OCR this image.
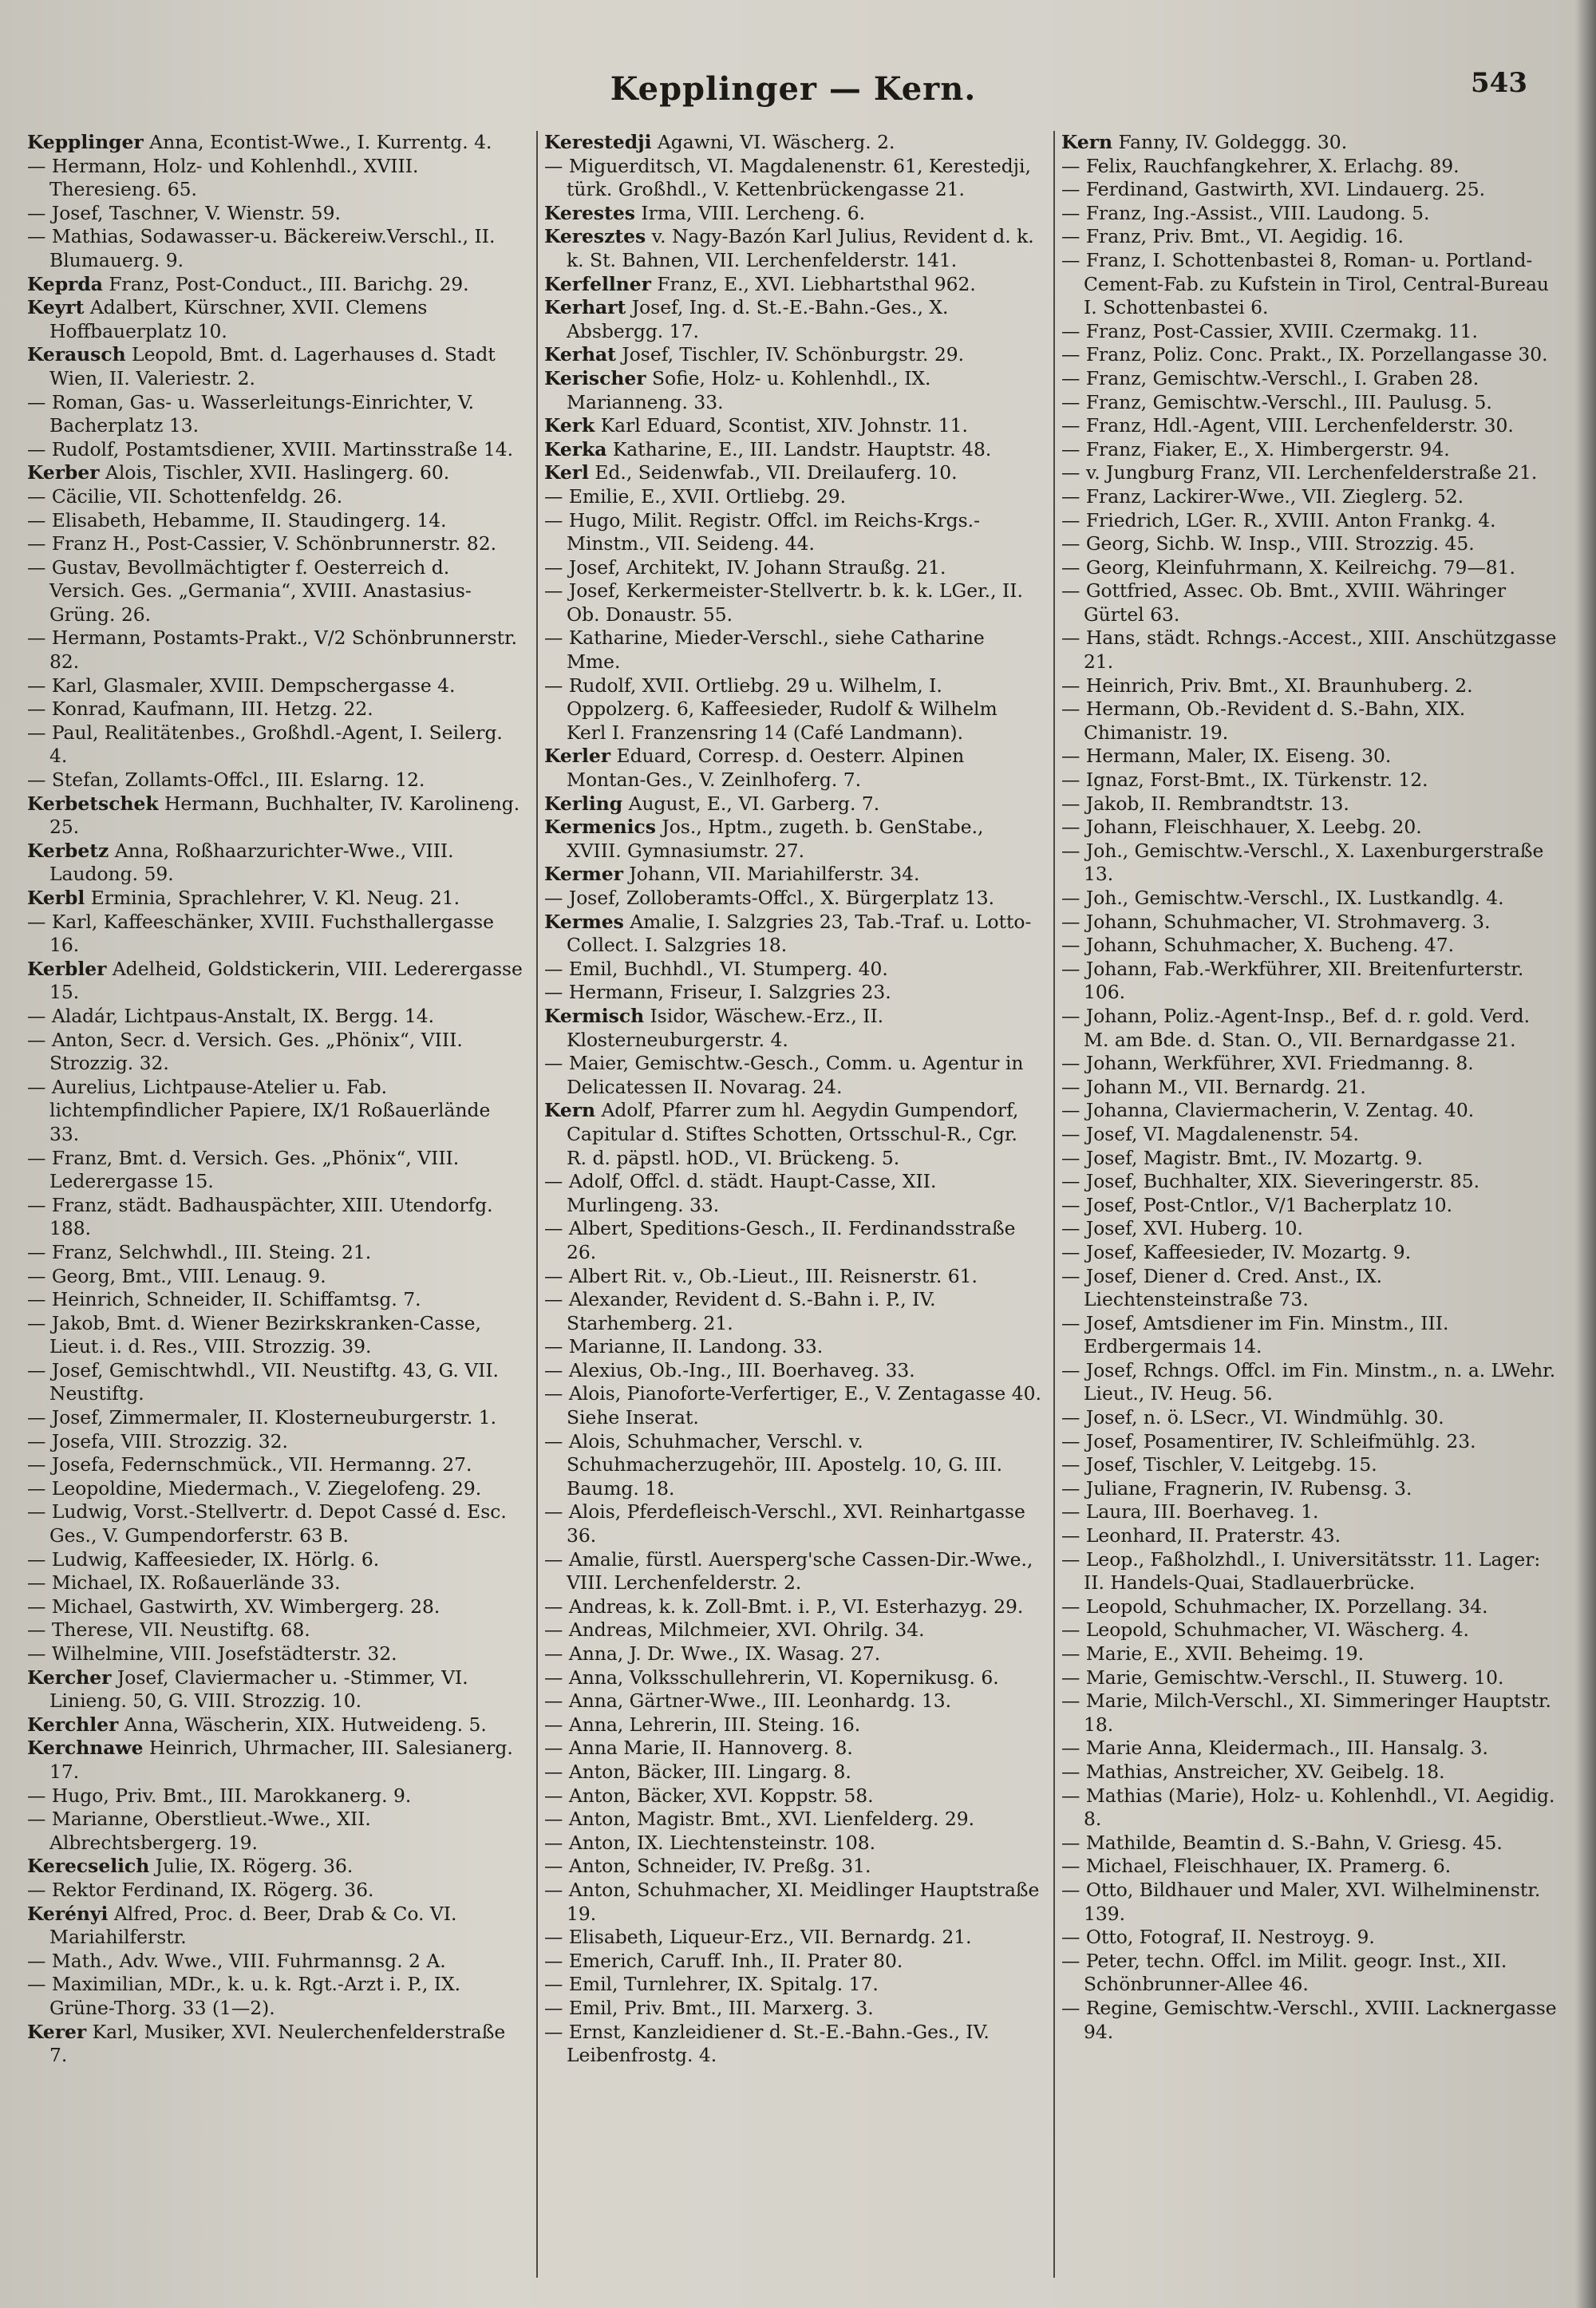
Kepplinger — Kern.	543
Kepplinger Anna, Econtist-Wwe., I. Kurrentg. 4.
— Hermann, Holz- und Kohlenhdl., XVIII. Theresieng. 65.
— Josef, Taschner, V. Wienstr. 59.
— Mathias, Sodawasser-u. Bäckereiw.Verschl., II. Blumauerg. 9.
Keprda Franz, Post-Conduct., III. Barichg. 29.
Keyrt Adalbert, Kürschner, XVII. Clemens Hoffbauerplatz 10.
Kerausch Leopold, Bmt. d. Lagerhauses d. Stadt Wien, II. Valeriestr. 2.
— Roman, Gas- u. Wasserleitungs-Einrichter, V. Bacherplatz 13.
— Rudolf, Postamtsdiener, XVIII. Martinsstraße 14.
Kerber Alois, Tischler, XVII. Haslingerg. 60.
— Cäcilie, VII. Schottenfeldg. 26.
— Elisabeth, Hebamme, II. Staudingerg. 14.
— Franz H., Post-Cassier, V. Schönbrunnerstr. 82.
— Gustav, Bevollmächtigter f. Oesterreich d. Versich. Ges. „Germania“, XVIII. Anastasius-Grüng. 26.
— Hermann, Postamts-Prakt., V/2 Schönbrunnerstr. 82.
— Karl, Glasmaler, XVIII. Dempschergasse 4.
— Konrad, Kaufmann, III. Hetzg. 22.
— Paul, Realitätenbes., Großhdl.-Agent, I. Seilerg. 4.
— Stefan, Zollamts-Offcl., III. Eslarng. 12.
Kerbetschek Hermann, Buchhalter, IV. Karolineng. 25.
Kerbetz Anna, Roßhaarzurichter-Wwe., VIII. Laudong. 59.
Kerbl Erminia, Sprachlehrer, V. Kl. Neug. 21.
— Karl, Kaffeeschänker, XVIII. Fuchsthallergasse 16.
Kerbler Adelheid, Goldstickerin, VIII. Lederergasse 15.
— Aladár, Lichtpaus-Anstalt, IX. Bergg. 14.
— Anton, Secr. d. Versich. Ges. „Phönix“, VIII. Strozzig. 32.
— Aurelius, Lichtpause-Atelier u. Fab. lichtempfindlicher Papiere, IX/1 Roßauerlände 33.
— Franz, Bmt. d. Versich. Ges. „Phönix“, VIII. Lederergasse 15.
— Franz, städt. Badhauspächter, XIII. Utendorfg. 188.
— Franz, Selchwhdl., III. Steing. 21.
— Georg, Bmt., VIII. Lenaug. 9.
— Heinrich, Schneider, II. Schiffamtsg. 7.
— Jakob, Bmt. d. Wiener Bezirkskranken-Casse, Lieut. i. d. Res., VIII. Strozzig. 39.
— Josef, Gemischtwhdl., VII. Neustiftg. 43, G. VII. Neustiftg.
— Josef, Zimmermaler, II. Klosterneuburgerstr. 1.
— Josefa, VIII. Strozzig. 32.
— Josefa, Federnschmück., VII. Hermanng. 27.
— Leopoldine, Miedermach., V. Ziegelofeng. 29.
— Ludwig, Vorst.-Stellvertr. d. Depot Cassé d. Esc. Ges., V. Gumpendorferstr. 63 B.
— Ludwig, Kaffeesieder, IX. Hörlg. 6.
— Michael, IX. Roßauerlände 33.
— Michael, Gastwirth, XV. Wimbergerg. 28.
— Therese, VII. Neustiftg. 68.
— Wilhelmine, VIII. Josefstädterstr. 32.
Kercher Josef, Claviermacher u. -Stimmer, VI. Linieng. 50, G. VIII. Strozzig. 10.
Kerchler Anna, Wäscherin, XIX. Hutweideng. 5.
Kerchnawe Heinrich, Uhrmacher, III. Salesianerg. 17.
— Hugo, Priv. Bmt., III. Marokkanerg. 9.
— Marianne, Oberstlieut.-Wwe., XII. Albrechtsbergerg. 19.
Kerecselich Julie, IX. Rögerg. 36.
— Rektor Ferdinand, IX. Rögerg. 36.
Kerényi Alfred, Proc. d. Beer, Drab & Co. VI. Mariahilferstr.
— Math., Adv. Wwe., VIII. Fuhrmannsg. 2 A.
— Maximilian, MDr., k. u. k. Rgt.-Arzt i. P., IX. Grüne-Thorg. 33 (1—2).
Kerer Karl, Musiker, XVI. Neulerchenfelderstraße 7.
Kerestedji Agawni, VI. Wäscherg. 2.
— Miguerditsch, VI. Magdalenenstr. 61, Kerestedji, türk. Großhdl., V. Kettenbrückengasse 21.
Kerestes Irma, VIII. Lercheng. 6.
Keresztes v. Nagy-Bazón Karl Julius, Revident d. k. k. St. Bahnen, VII. Lerchenfelderstr. 141.
Kerfellner Franz, E., XVI. Liebhartsthal 962.
Kerhart Josef, Ing. d. St.-E.-Bahn.-Ges., X. Absbergg. 17.
Kerhat Josef, Tischler, IV. Schönburgstr. 29.
Kerischer Sofie, Holz- u. Kohlenhdl., IX. Marianneng. 33.
Kerk Karl Eduard, Scontist, XIV. Johnstr. 11.
Kerka Katharine, E., III. Landstr. Hauptstr. 48.
Kerl Ed., Seidenwfab., VII. Dreilauferg. 10.
— Emilie, E., XVII. Ortliebg. 29.
— Hugo, Milit. Registr. Offcl. im Reichs-Krgs.-Minstm., VII. Seideng. 44.
— Josef, Architekt, IV. Johann Straußg. 21.
— Josef, Kerkermeister-Stellvertr. b. k. k. LGer., II. Ob. Donaustr. 55.
— Katharine, Mieder-Verschl., siehe Catharine Mme.
— Rudolf, XVII. Ortliebg. 29 u. Wilhelm, I. Oppolzerg. 6, Kaffeesieder, Rudolf & Wilhelm Kerl I. Franzensring 14 (Café Landmann).
Kerler Eduard, Corresp. d. Oesterr. Alpinen Montan-Ges., V. Zeinlhoferg. 7.
Kerling August, E., VI. Garberg. 7.
Kermenics Jos., Hptm., zugeth. b. GenStabe., XVIII. Gymnasiumstr. 27.
Kermer Johann, VII. Mariahilferstr. 34.
— Josef, Zolloberamts-Offcl., X. Bürgerplatz 13.
Kermes Amalie, I. Salzgries 23, Tab.-Traf. u. Lotto-Collect. I. Salzgries 18.
— Emil, Buchhdl., VI. Stumperg. 40.
— Hermann, Friseur, I. Salzgries 23.
Kermisch Isidor, Wäschew.-Erz., II. Klosterneuburgerstr. 4.
— Maier, Gemischtw.-Gesch., Comm. u. Agentur in Delicatessen II. Novarag. 24.
Kern Adolf, Pfarrer zum hl. Aegydin Gumpendorf, Capitular d. Stiftes Schotten, Ortsschul-R., Cgr. R. d. päpstl. hOD., VI. Brückeng. 5.
— Adolf, Offcl. d. städt. Haupt-Casse, XII. Murlingeng. 33.
— Albert, Speditions-Gesch., II. Ferdinandsstraße 26.
— Albert Rit. v., Ob.-Lieut., III. Reisnerstr. 61.
— Alexander, Revident d. S.-Bahn i. P., IV. Starhemberg. 21.
— Marianne, II. Landong. 33.
— Alexius, Ob.-Ing., III. Boerhaveg. 33.
— Alois, Pianoforte-Verfertiger, E., V. Zentagasse 40. Siehe Inserat.
— Alois, Schuhmacher, Verschl. v. Schuhmacherzugehör, III. Apostelg. 10, G. III. Baumg. 18.
— Alois, Pferdefleisch-Verschl., XVI. Reinhartgasse 36.
— Amalie, fürstl. Auersperg'sche Cassen-Dir.-Wwe., VIII. Lerchenfelderstr. 2.
— Andreas, k. k. Zoll-Bmt. i. P., VI. Esterhazyg. 29.
— Andreas, Milchmeier, XVI. Ohrilg. 34.
— Anna, J. Dr. Wwe., IX. Wasag. 27.
— Anna, Volksschullehrerin, VI. Kopernikusg. 6.
— Anna, Gärtner-Wwe., III. Leonhardg. 13.
— Anna, Lehrerin, III. Steing. 16.
— Anna Marie, II. Hannoverg. 8.
— Anton, Bäcker, III. Lingarg. 8.
— Anton, Bäcker, XVI. Koppstr. 58.
— Anton, Magistr. Bmt., XVI. Lienfelderg. 29.
— Anton, IX. Liechtensteinstr. 108.
— Anton, Schneider, IV. Preßg. 31.
— Anton, Schuhmacher, XI. Meidlinger Hauptstraße 19.
— Elisabeth, Liqueur-Erz., VII. Bernardg. 21.
— Emerich, Caruff. Inh., II. Prater 80.
— Emil, Turnlehrer, IX. Spitalg. 17.
— Emil, Priv. Bmt., III. Marxerg. 3.
— Ernst, Kanzleidiener d. St.-E.-Bahn.-Ges., IV. Leibenfrostg. 4.
Kern Fanny, IV. Goldeggg. 30.
— Felix, Rauchfangkehrer, X. Erlachg. 89.
— Ferdinand, Gastwirth, XVI. Lindauerg. 25.
— Franz, Ing.-Assist., VIII. Laudong. 5.
— Franz, Priv. Bmt., VI. Aegidig. 16.
— Franz, I. Schottenbastei 8, Roman- u. Portland-Cement-Fab. zu Kufstein in Tirol, Central-Bureau I. Schottenbastei 6.
— Franz, Post-Cassier, XVIII. Czermakg. 11.
— Franz, Poliz. Conc. Prakt., IX. Porzellangasse 30.
— Franz, Gemischtw.-Verschl., I. Graben 28.
— Franz, Gemischtw.-Verschl., III. Paulusg. 5.
— Franz, Hdl.-Agent, VIII. Lerchenfelderstr. 30.
— Franz, Fiaker, E., X. Himbergerstr. 94.
— v. Jungburg Franz, VII. Lerchenfelderstraße 21.
— Franz, Lackirer-Wwe., VII. Zieglerg. 52.
— Friedrich, LGer. R., XVIII. Anton Frankg. 4.
— Georg, Sichb. W. Insp., VIII. Strozzig. 45.
— Georg, Kleinfuhrmann, X. Keilreichg. 79—81.
— Gottfried, Assec. Ob. Bmt., XVIII. Währinger Gürtel 63.
— Hans, städt. Rchngs.-Accest., XIII. Anschützgasse 21.
— Heinrich, Priv. Bmt., XI. Braunhuberg. 2.
— Hermann, Ob.-Revident d. S.-Bahn, XIX. Chimanistr. 19.
— Hermann, Maler, IX. Eiseng. 30.
— Ignaz, Forst-Bmt., IX. Türkenstr. 12.
— Jakob, II. Rembrandtstr. 13.
— Johann, Fleischhauer, X. Leebg. 20.
— Joh., Gemischtw.-Verschl., X. Laxenburgerstraße 13.
— Joh., Gemischtw.-Verschl., IX. Lustkandlg. 4.
— Johann, Schuhmacher, VI. Strohmaverg. 3.
— Johann, Schuhmacher, X. Bucheng. 47.
— Johann, Fab.-Werkführer, XII. Breitenfurterstr. 106.
— Johann, Poliz.-Agent-Insp., Bef. d. r. gold. Verd. M. am Bde. d. Stan. O., VII. Bernardgasse 21.
— Johann, Werkführer, XVI. Friedmanng. 8.
— Johann M., VII. Bernardg. 21.
— Johanna, Claviermacherin, V. Zentag. 40.
— Josef, VI. Magdalenenstr. 54.
— Josef, Magistr. Bmt., IV. Mozartg. 9.
— Josef, Buchhalter, XIX. Sieveringerstr. 85.
— Josef, Post-Cntlor., V/1 Bacherplatz 10.
— Josef, XVI. Huberg. 10.
— Josef, Kaffeesieder, IV. Mozartg. 9.
— Josef, Diener d. Cred. Anst., IX. Liechtensteinstraße 73.
— Josef, Amtsdiener im Fin. Minstm., III. Erdbergermais 14.
— Josef, Rchngs. Offcl. im Fin. Minstm., n. a. LWehr. Lieut., IV. Heug. 56.
— Josef, n. ö. LSecr., VI. Windmühlg. 30.
— Josef, Posamentirer, IV. Schleifmühlg. 23.
— Josef, Tischler, V. Leitgebg. 15.
— Juliane, Fragnerin, IV. Rubensg. 3.
— Laura, III. Boerhaveg. 1.
— Leonhard, II. Praterstr. 43.
— Leop., Faßholzhdl., I. Universitätsstr. 11. Lager: II. Handels-Quai, Stadlauerbrücke.
— Leopold, Schuhmacher, IX. Porzellang. 34.
— Leopold, Schuhmacher, VI. Wäscherg. 4.
— Marie, E., XVII. Beheimg. 19.
— Marie, Gemischtw.-Verschl., II. Stuwerg. 10.
— Marie, Milch-Verschl., XI. Simmeringer Hauptstr. 18.
— Marie Anna, Kleidermach., III. Hansalg. 3.
— Mathias, Anstreicher, XV. Geibelg. 18.
— Mathias (Marie), Holz- u. Kohlenhdl., VI. Aegidig. 8.
— Mathilde, Beamtin d. S.-Bahn, V. Griesg. 45.
— Michael, Fleischhauer, IX. Pramerg. 6.
— Otto, Bildhauer und Maler, XVI. Wilhelminenstr. 139.
— Otto, Fotograf, II. Nestroyg. 9.
— Peter, techn. Offcl. im Milit. geogr. Inst., XII. Schönbrunner-Allee 46.
— Regine, Gemischtw.-Verschl., XVIII. Lacknergasse 94.
